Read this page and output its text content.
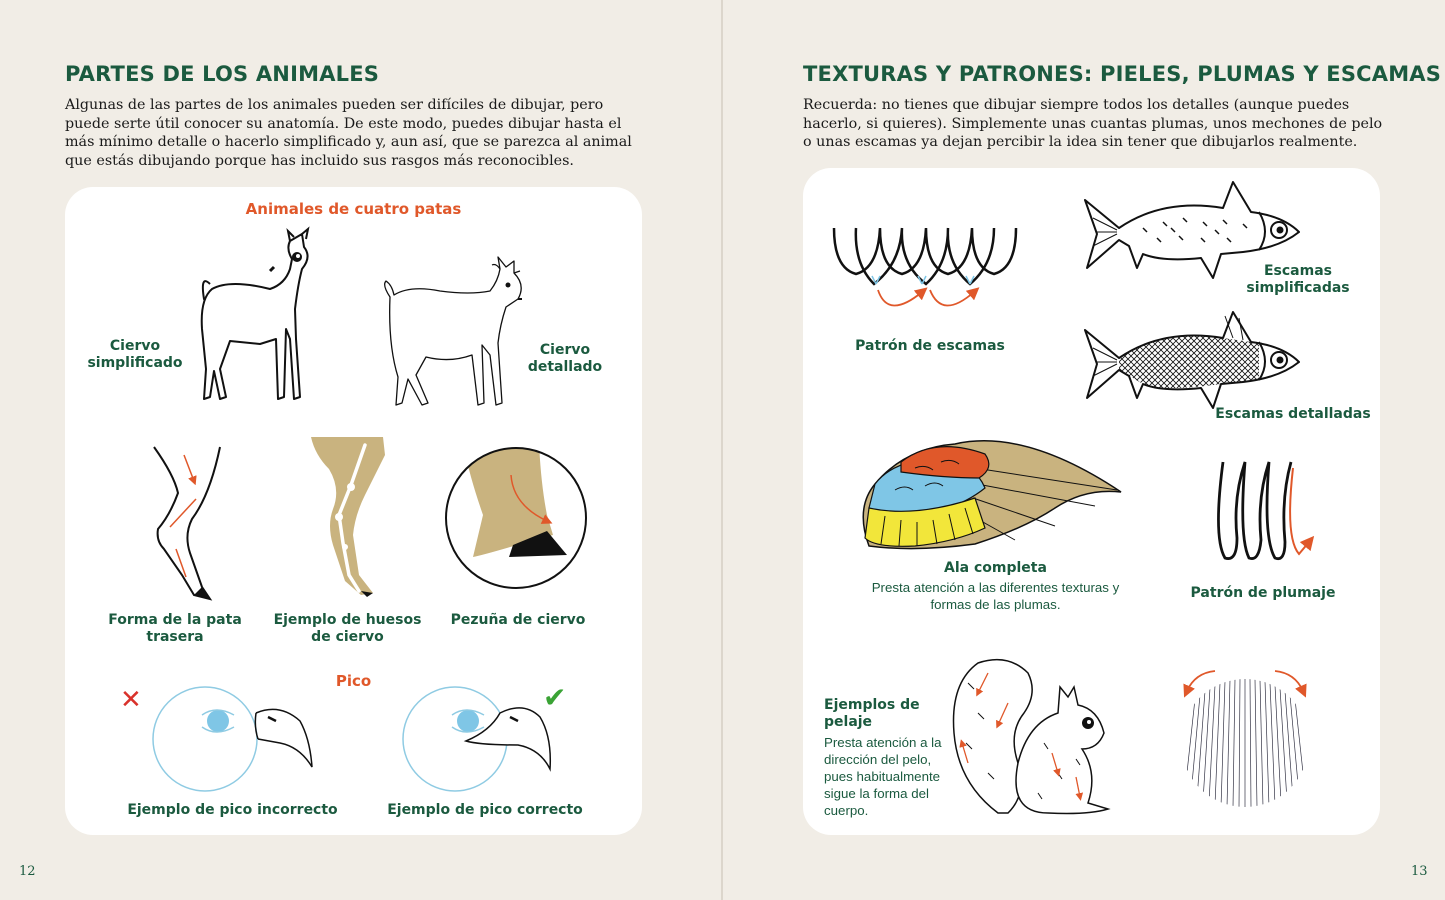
PARTES DE LOS ANIMALES

Algunas de las partes de los animales pueden ser difíciles de dibujar, pero puede serte útil conocer su anatomía. De este modo, puedes dibujar hasta el más mínimo detalle o hacerlo simplificado y, aun así, que se parezca al animal que estás dibujando porque has incluido sus rasgos más reconocibles.

Animales de cuatro patas
Ciervo simplificado
Ciervo detallado
Forma de la pata trasera
Ejemplo de huesos de ciervo
Pezuña de ciervo
Pico
✕
Ejemplo de pico incorrecto
✔
Ejemplo de pico correcto
12
TEXTURAS Y PATRONES: PIELES, PLUMAS Y ESCAMAS

Recuerda: no tienes que dibujar siempre todos los detalles (aunque puedes hacerlo, si quieres). Simplemente unas cuantas plumas, unos mechones de pelo o unas escamas ya dejan percibir la idea sin tener que dibujarlos realmente.

Patrón de escamas
Escamas simplificadas
Escamas detalladas
Ala completa
Presta atención a las diferentes texturas y formas de las plumas.
Patrón de plumaje
Ejemplos de pelaje
Presta atención a la dirección del pelo, pues habitualmente sigue la forma del cuerpo.
13
